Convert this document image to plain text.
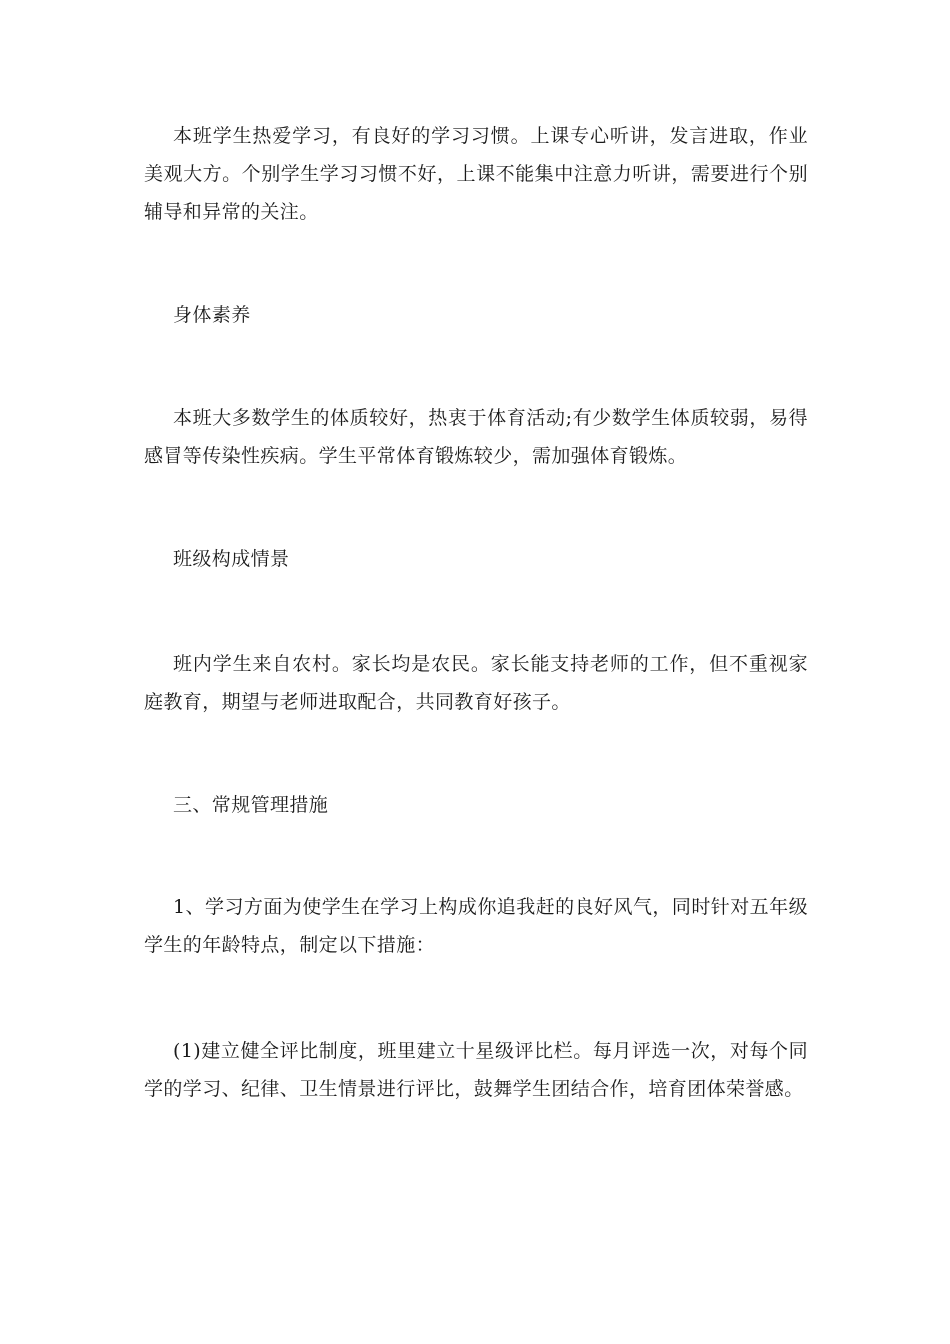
本班学生热爱学习，有良好的学习习惯。上课专心听讲，发言进取，作业美观大方。个别学生学习习惯不好，上课不能集中注意力听讲，需要进行个别辅导和异常的关注。

身体素养

本班大多数学生的体质较好，热衷于体育活动;有少数学生体质较弱，易得感冒等传染性疾病。学生平常体育锻炼较少，需加强体育锻炼。

班级构成情景

班内学生来自农村。家长均是农民。家长能支持老师的工作，但不重视家庭教育，期望与老师进取配合，共同教育好孩子。

三、常规管理措施

1、学习方面为使学生在学习上构成你追我赶的良好风气，同时针对五年级学生的年龄特点，制定以下措施：

(1)建立健全评比制度，班里建立十星级评比栏。每月评选一次，对每个同学的学习、纪律、卫生情景进行评比，鼓舞学生团结合作，培育团体荣誉感。
